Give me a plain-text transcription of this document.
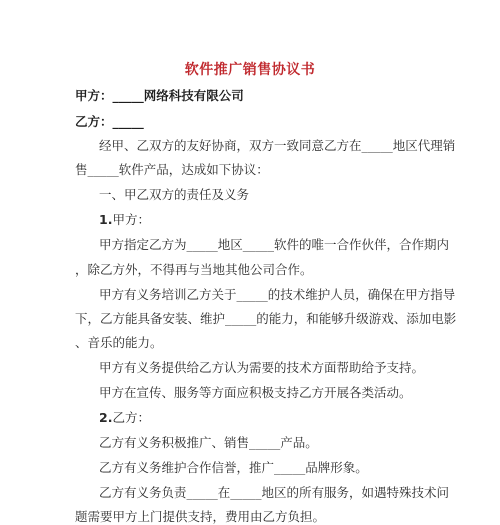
软件推广销售协议书
甲方：_____网络科技有限公司
乙方：_____
经甲、乙双方的友好协商，双方一致同意乙方在_____地区代理销
售_____软件产品，达成如下协议：
一、甲乙双方的责任及义务
1.甲方：
甲方指定乙方为_____地区_____软件的唯一合作伙伴，合作期内
，除乙方外，不得再与当地其他公司合作。
甲方有义务培训乙方关于_____的技术维护人员，确保在甲方指导
下，乙方能具备安装、维护_____的能力，和能够升级游戏、添加电影
、音乐的能力。
甲方有义务提供给乙方认为需要的技术方面帮助给予支持。
甲方在宣传、服务等方面应积极支持乙方开展各类活动。
2.乙方：
乙方有义务积极推广、销售_____产品。
乙方有义务维护合作信誉，推广_____品牌形象。
乙方有义务负责_____在_____地区的所有服务，如遇特殊技术问
题需要甲方上门提供支持，费用由乙方负担。
